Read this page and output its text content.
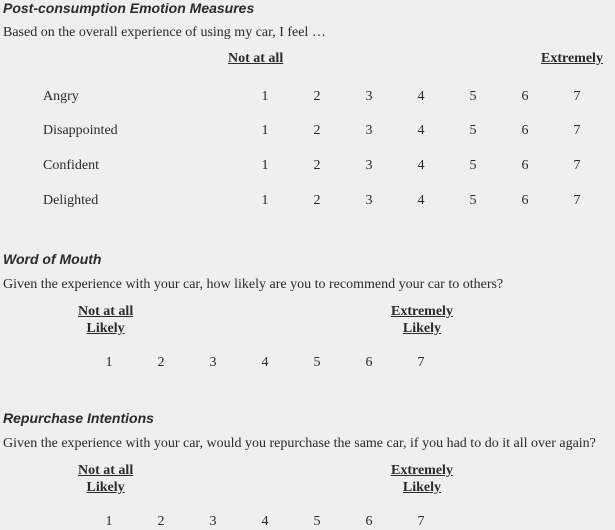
Post-consumption Emotion Measures
Based on the overall experience of using my car, I feel …
Not at all	Extremely
Angry	1	2	3	4	5	6	7
Disappointed	1	2	3	4	5	6	7
Confident	1	2	3	4	5	6	7
Delighted	1	2	3	4	5	6	7
Word of Mouth
Given the experience with your car, how likely are you to recommend your car to others?
Not at all
Likely
Extremely
Likely
1	2	3	4	5	6	7
Repurchase Intentions
Given the experience with your car, would you repurchase the same car, if you had to do it all over again?
Not at all
Likely
Extremely
Likely
1	2	3	4	5	6	7
